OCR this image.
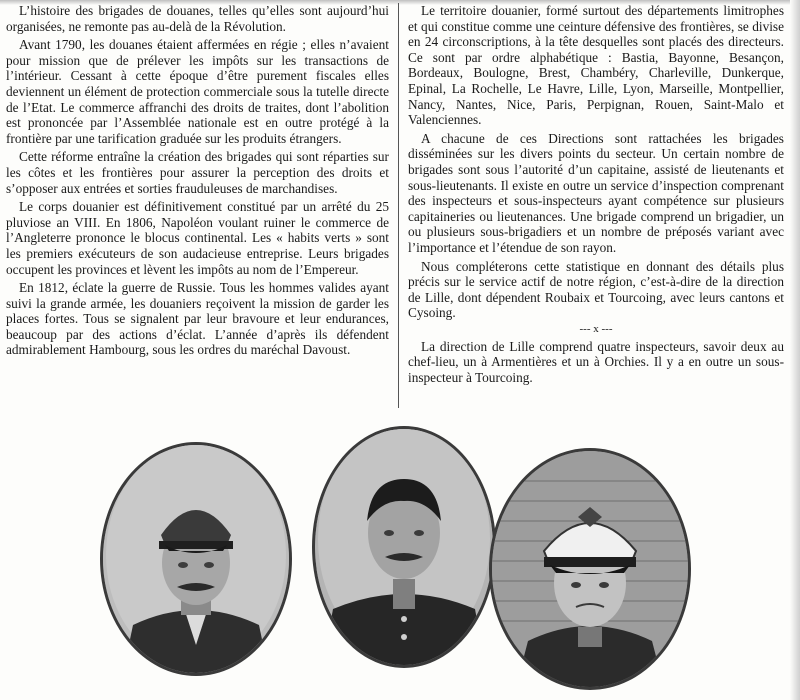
L’histoire des brigades de douanes, telles qu’elles sont aujourd’hui organisées, ne remonte pas au-delà de la Révolution.

Avant 1790, les douanes étaient affermées en régie ; elles n’avaient pour mission que de prélever les impôts sur les transactions de l’intérieur. Cessant à cette époque d’être purement fiscales elles deviennent un élément de protection commerciale sous la tutelle directe de l’Etat. Le commerce affranchi des droits de traites, dont l’abolition est prononcée par l’Assemblée nationale est en outre protégé à la frontière par une tarification graduée sur les produits étrangers.

Cette réforme entraîne la création des brigades qui sont réparties sur les côtes et les frontières pour assurer la perception des droits et s’opposer aux entrées et sorties frauduleuses de marchandises.

Le corps douanier est définitivement constitué par un arrêté du 25 pluviose an VIII. En 1806, Napoléon voulant ruiner le commerce de l’Angleterre prononce le blocus continental. Les « habits verts » sont les premiers exécuteurs de son audacieuse entreprise. Leurs brigades occupent les provinces et lèvent les impôts au nom de l’Empereur.

En 1812, éclate la guerre de Russie. Tous les hommes valides ayant suivi la grande armée, les douaniers reçoivent la mission de garder les places fortes. Tous se signalent par leur bravoure et leur endurances, beaucoup par des actions d’éclat. L’année d’après ils défendent admirablement Hambourg, sous les ordres du maréchal Davoust.

Le territoire douanier, formé surtout des départements limitrophes et qui constitue comme une ceinture défensive des frontières, se divise en 24 circonscriptions, à la tête desquelles sont placés des directeurs. Ce sont par ordre alphabétique : Bastia, Bayonne, Besançon, Bordeaux, Boulogne, Brest, Chambéry, Charleville, Dunkerque, Epinal, La Rochelle, Le Havre, Lille, Lyon, Marseille, Montpellier, Nancy, Nantes, Nice, Paris, Perpignan, Rouen, Saint-Malo et Valenciennes.

A chacune de ces Directions sont rattachées les brigades disséminées sur les divers points du secteur. Un certain nombre de brigades sont sous l’autorité d’un capitaine, assisté de lieutenants et sous-lieutenants. Il existe en outre un service d’inspection comprenant des inspecteurs et sous-inspecteurs ayant compétence sur plusieurs capitaineries ou lieutenances. Une brigade comprend un brigadier, un ou plusieurs sous-brigadiers et un nombre de préposés variant avec l’importance et l’étendue de son rayon.

Nous compléterons cette statistique en donnant des détails plus précis sur le service actif de notre région, c’est-à-dire de la direction de Lille, dont dépendent Roubaix et Tourcoing, avec leurs cantons et Cysoing.

--- x ---

La direction de Lille comprend quatre inspecteurs, savoir deux au chef-lieu, un à Armentières et un à Orchies. Il y a en outre un sous-inspecteur à Tourcoing.
